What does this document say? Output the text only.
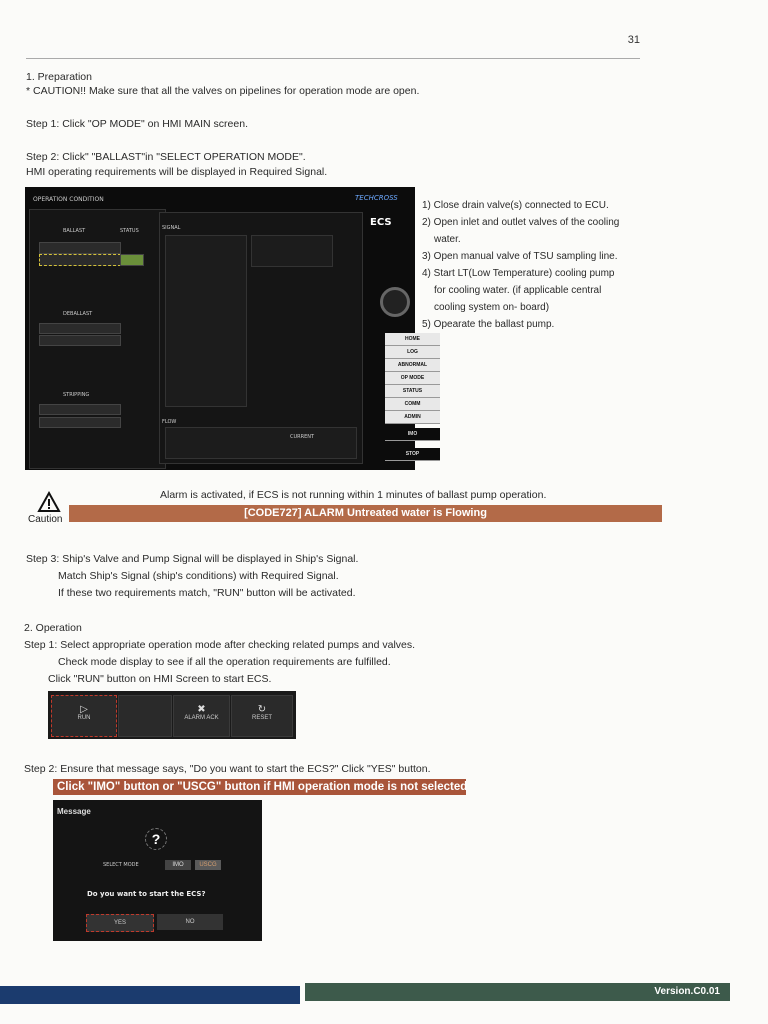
31
1. Preparation
* CAUTION!! Make sure that all the valves on pipelines for operation mode are open.
Step 1: Click "OP MODE" on HMI MAIN screen.
Step 2: Click" "BALLAST"in "SELECT OPERATION MODE".
HMI operating requirements will be displayed in Required Signal.
OPERATION CONDITION
BALLAST	STATUS
DEBALLAST
STRIPPING
SIGNAL
FLOW
CURRENT
TECHCROSS
ECS
HOME
LOG
ABNORMAL
OP MODE
STATUS
COMM
ADMIN
IMO
STOP
1) Close drain valve(s) connected to ECU.
2) Open inlet and outlet valves of the cooling
water.
3) Open manual valve of TSU sampling line.
4) Start LT(Low Temperature) cooling pump
for cooling water. (if applicable central
cooling system on- board)
5) Opearate the ballast pump.
Caution
Alarm is activated, if ECS is not running within 1 minutes of ballast pump operation.
[CODE727] ALARM Untreated water is Flowing
Step 3: Ship's Valve and Pump Signal will be displayed in Ship's Signal.
Match Ship's Signal (ship's conditions) with Required Signal.
If these two requirements match, "RUN" button will be activated.
2. Operation
Step 1: Select appropriate operation mode after checking related pumps and valves.
Check mode display to see if all the operation requirements are fulfilled.
Click "RUN" button on HMI Screen to start ECS.
▷
RUN
✖
ALARM ACK
↻
RESET
Step 2: Ensure that message says, "Do you want to start the ECS?" Click "YES" button.
Click "IMO" button or "USCG" button if HMI operation mode is not selected
Message
?
SELECT MODE	IMO	USCG
Do you want to start the ECS?
YES	NO
Version.C0.01
